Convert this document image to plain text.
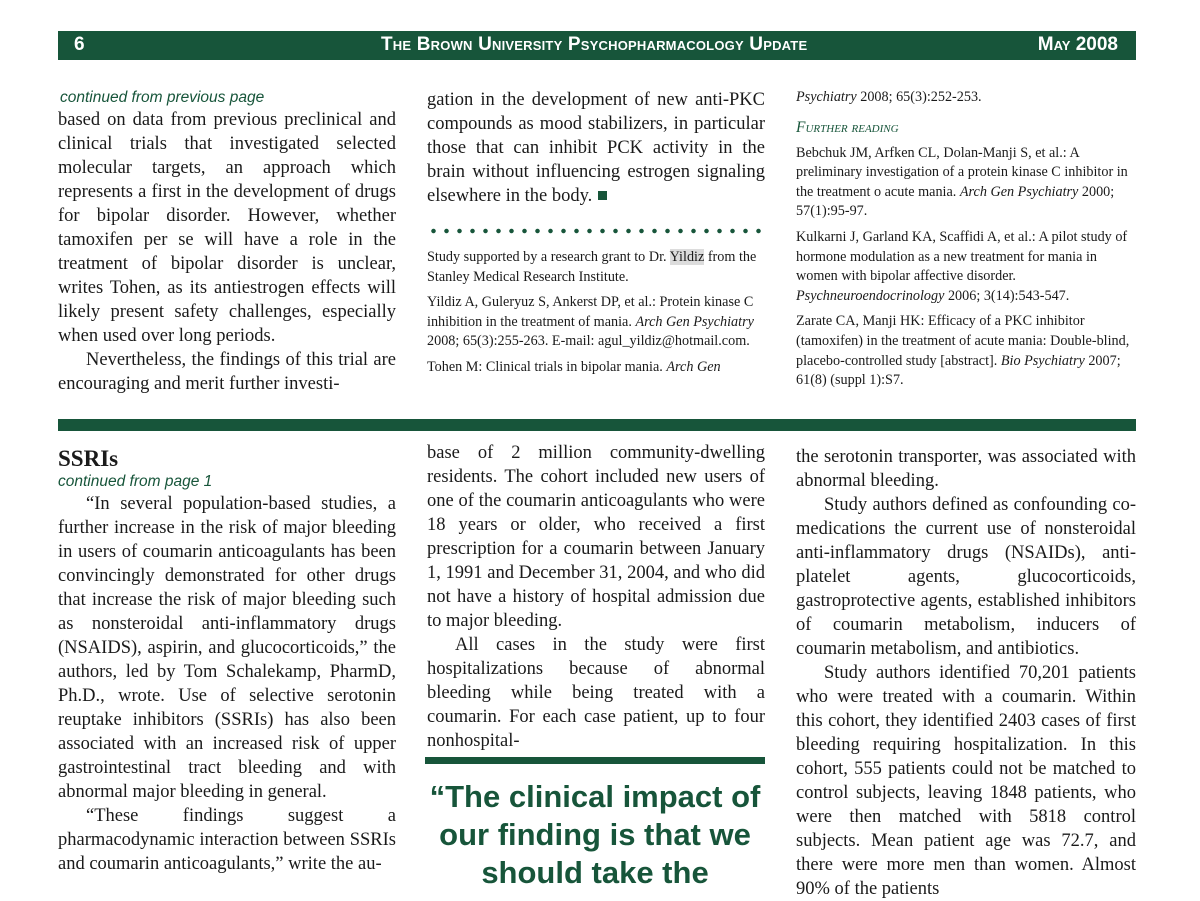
6	The Brown University Psychopharmacology Update	May 2008

continued from previous page

based on data from previous preclinical and clinical trials that investigated selected molecular targets, an approach which represents a first in the development of drugs for bipolar disorder. However, whether tamoxifen per se will have a role in the treatment of bipolar disorder is unclear, writes Tohen, as its antiestrogen effects will likely present safety challenges, especially when used over long periods.

Nevertheless, the findings of this trial are encouraging and merit further investi-

gation in the development of new anti-PKC compounds as mood stabilizers, in particular those that can inhibit PCK activity in the brain without influencing estrogen signaling elsewhere in the body.

Study supported by a research grant to Dr. Yildiz from the Stanley Medical Research Institute.

Yildiz A, Guleryuz S, Ankerst DP, et al.: Protein kinase C inhibition in the treatment of mania. Arch Gen Psychiatry 2008; 65(3):255-263. E-mail: agul_yildiz@hotmail.com.

Tohen M: Clinical trials in bipolar mania. Arch Gen

Psychiatry 2008; 65(3):252-253.

Further reading

Bebchuk JM, Arfken CL, Dolan-Manji S, et al.: A preliminary investigation of a protein kinase C inhibitor in the treatment o acute mania. Arch Gen Psychiatry 2000; 57(1):95-97.

Kulkarni J, Garland KA, Scaffidi A, et al.: A pilot study of hormone modulation as a new treatment for mania in women with bipolar affective disorder. Psychneuroendocrinology 2006; 3(14):543-547.

Zarate CA, Manji HK: Efficacy of a PKC inhibitor (tamoxifen) in the treatment of acute mania: Double-blind, placebo-controlled study [abstract]. Bio Psychiatry 2007; 61(8) (suppl 1):S7.

SSRIs

continued from page 1

“In several population-based studies, a further increase in the risk of major bleeding in users of coumarin anticoagulants has been convincingly demonstrated for other drugs that increase the risk of major bleeding such as nonsteroidal anti-inflammatory drugs (NSAIDS), aspirin, and glucocorticoids,” the authors, led by Tom Schalekamp, PharmD, Ph.D., wrote. Use of selective serotonin reuptake inhibitors (SSRIs) has also been associated with an increased risk of upper gastrointestinal tract bleeding and with abnormal major bleeding in general.

“These findings suggest a pharmacodynamic interaction between SSRIs and coumarin anticoagulants,” write the au-

base of 2 million community-dwelling residents. The cohort included new users of one of the coumarin anticoagulants who were 18 years or older, who received a first prescription for a coumarin between January 1, 1991 and December 31, 2004, and who did not have a history of hospital admission due to major bleeding.

All cases in the study were first hospitalizations because of abnormal bleeding while being treated with a coumarin. For each case patient, up to four nonhospital-

“The clinical impact of our finding is that we should take the

the serotonin transporter, was associated with abnormal bleeding.

Study authors defined as confounding co-medications the current use of nonsteroidal anti-inflammatory drugs (NSAIDs), anti-platelet agents, glucocorticoids, gastroprotective agents, established inhibitors of coumarin metabolism, inducers of coumarin metabolism, and antibiotics.

Study authors identified 70,201 patients who were treated with a coumarin. Within this cohort, they identified 2403 cases of first bleeding requiring hospitalization. In this cohort, 555 patients could not be matched to control subjects, leaving 1848 patients, who were then matched with 5818 control subjects. Mean patient age was 72.7, and there were more men than women. Almost 90% of the patients
